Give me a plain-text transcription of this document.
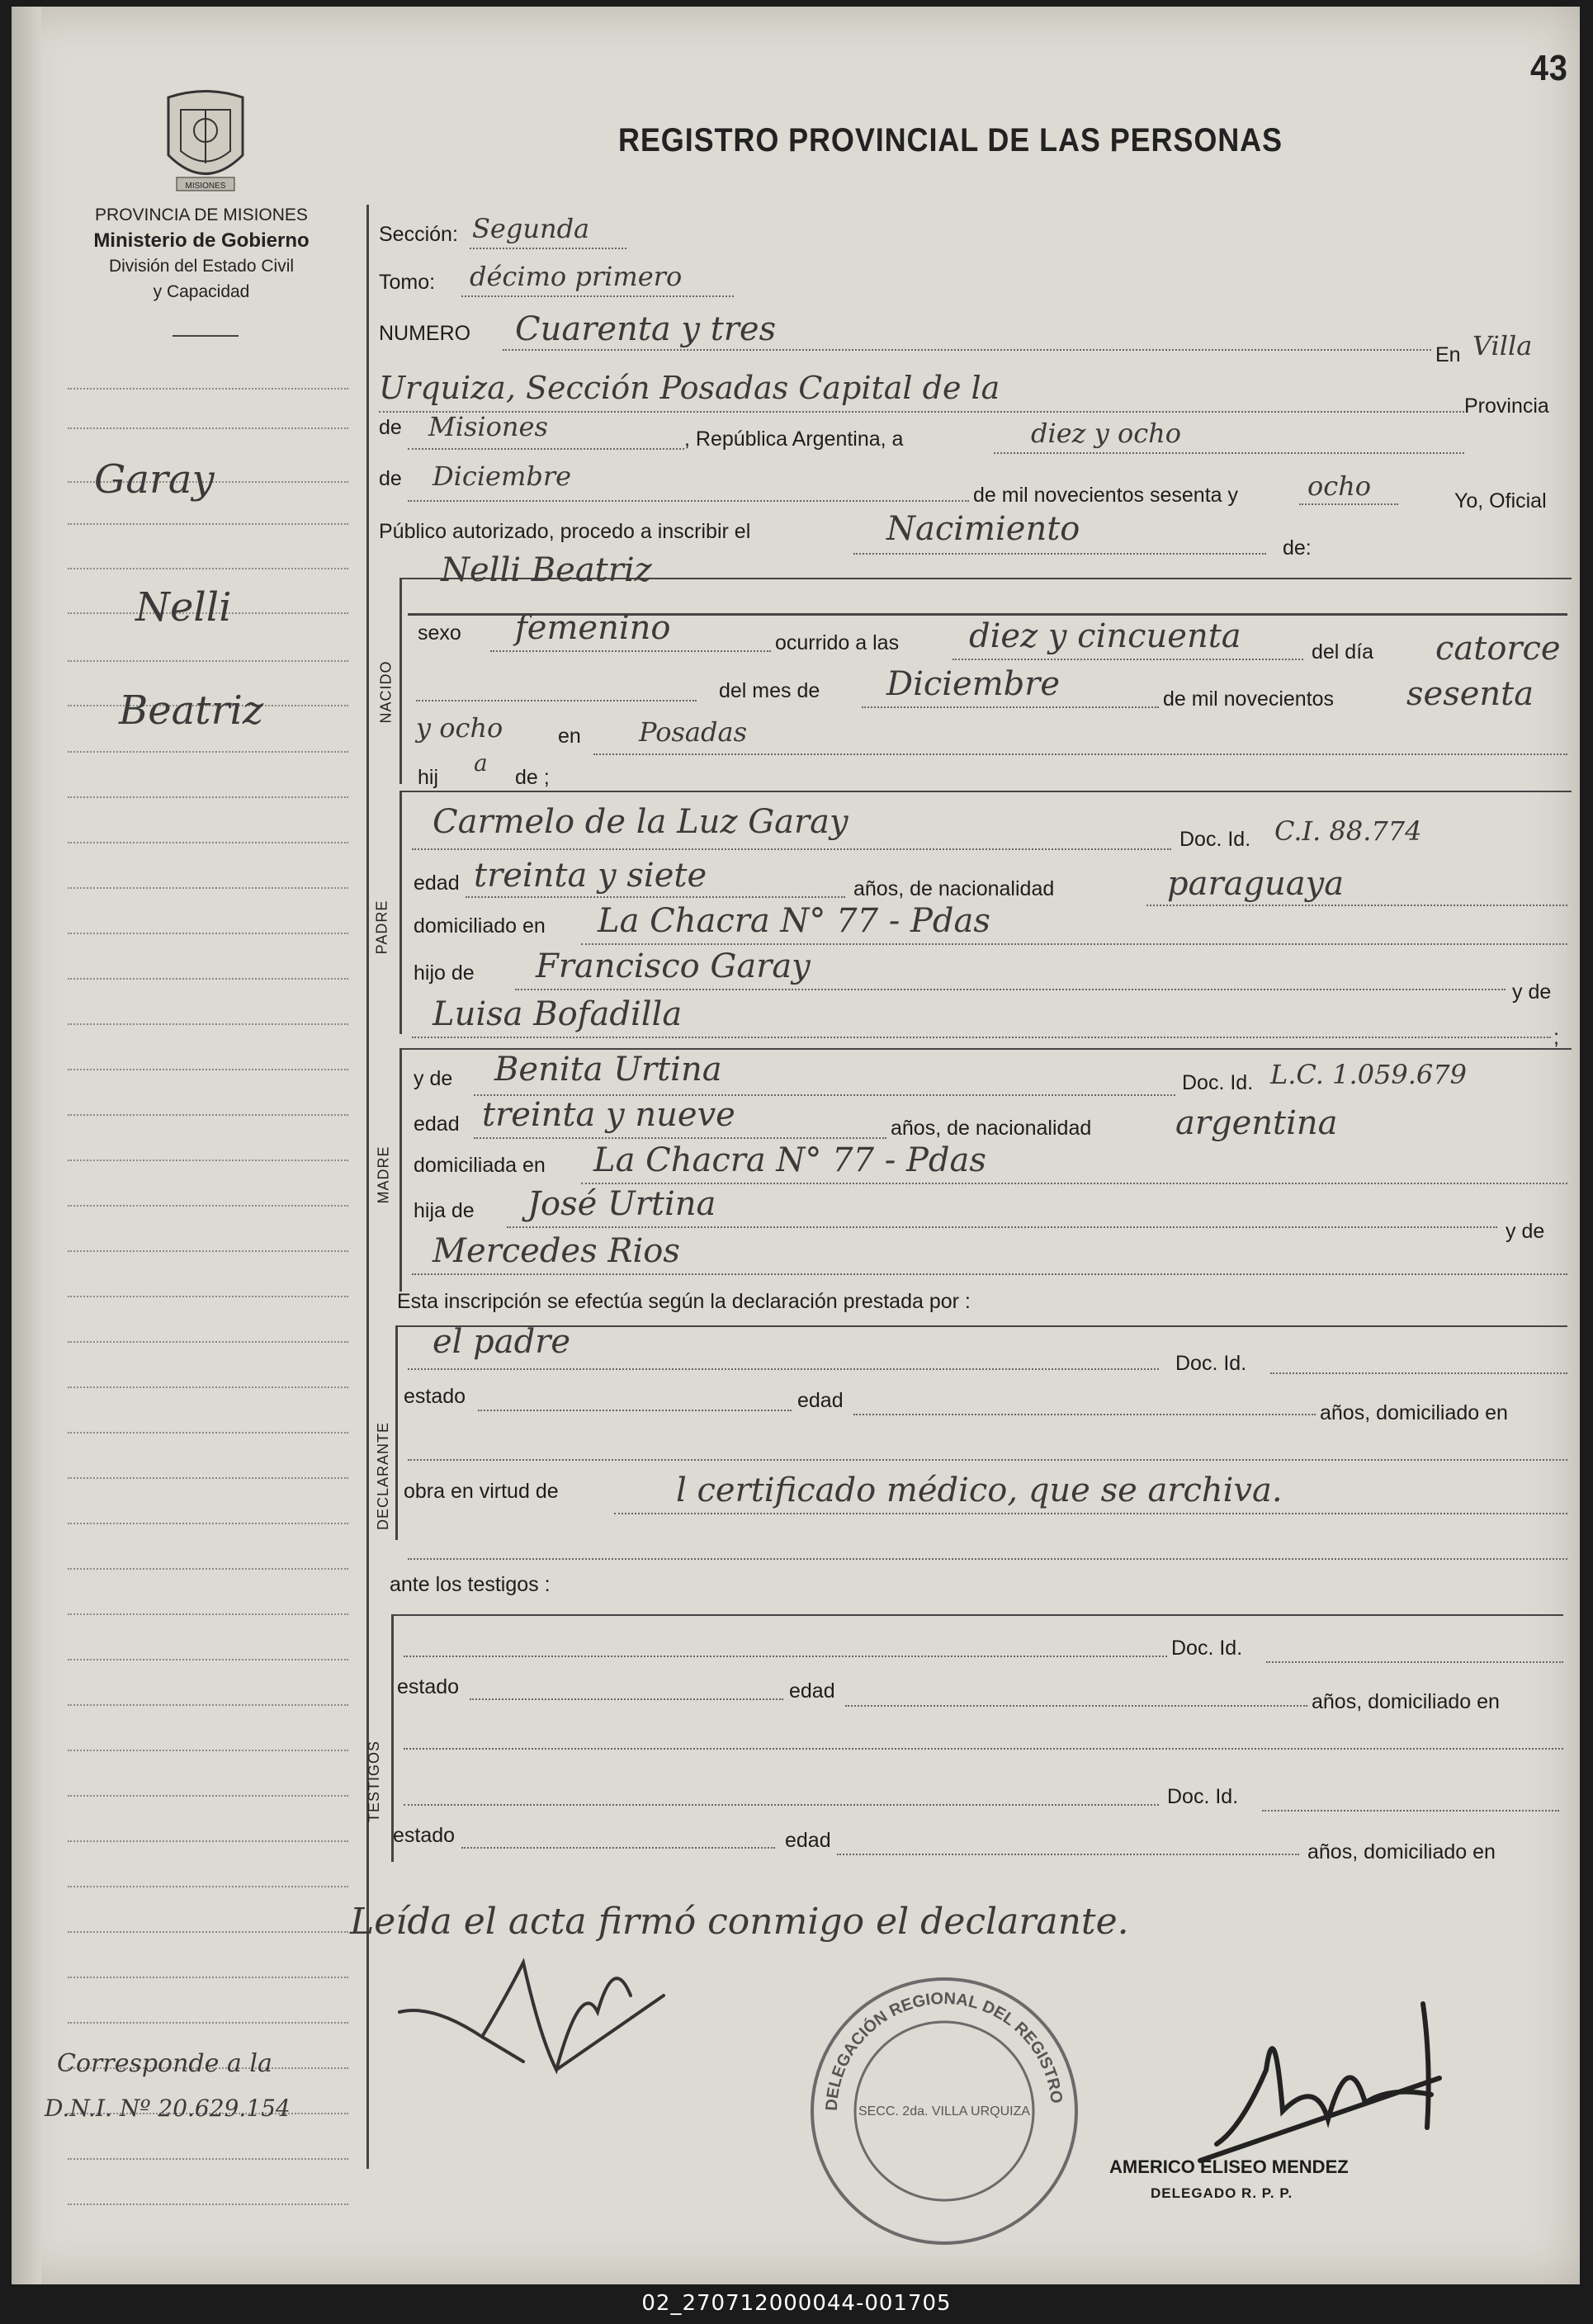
43
MISIONES
PROVINCIA DE MISIONES
Ministerio de Gobierno
División del Estado Civil
y Capacidad
REGISTRO PROVINCIAL DE LAS PERSONAS
Garay
Nelli
Beatriz
Corresponde a la
D.N.I. Nº 20.629.154
Sección: Segunda
Tomo: décimo primero
NUMERO Cuarenta y tres
En Villa
Urquiza, Sección Posadas Capital de la	Provincia
de Misiones	, República Argentina, a	diez y ocho
de Diciembre
de mil novecientos sesenta y	ocho	Yo, Oficial
Público autorizado, procedo a inscribir el	Nacimiento	de:
NACIDO
Nelli Beatriz
sexo femenino	ocurrido a las diez y cincuenta	del día catorce
del mes de Diciembre	de mil novecientos sesenta
y ocho	en Posadas
hij
a
de ;
PADRE
Carmelo de la Luz Garay	Doc. Id. C.I. 88.774
edad treinta y siete	años, de nacionalidad	paraguaya
domiciliado en La Chacra N° 77 - Pdas
hijo de Francisco Garay
y de
Luisa Bofadilla
;
MADRE
y de Benita Urtina	Doc. Id. L.C. 1.059.679
edad treinta y nueve	años, de nacionalidad	argentina
domiciliada en La Chacra N° 77 - Pdas
hija de José Urtina
y de
Mercedes Rios
Esta inscripción se efectúa según la declaración prestada por :
DECLARANTE
el padre
Doc. Id.
estado	edad
años, domiciliado en
obra en virtud de	l certificado médico, que se archiva.
ante los testigos :
TESTIGOS
Doc. Id.
estado	edad	años, domiciliado en
Doc. Id.
estado	edad	años, domiciliado en
Leída el acta firmó conmigo el declarante.
DELEGACIÓN REGIONAL DEL REGISTRO
SECC. 2da. VILLA URQUIZA
AMERICO ELISEO MENDEZ
DELEGADO R. P. P.
02_270712000044-001705
